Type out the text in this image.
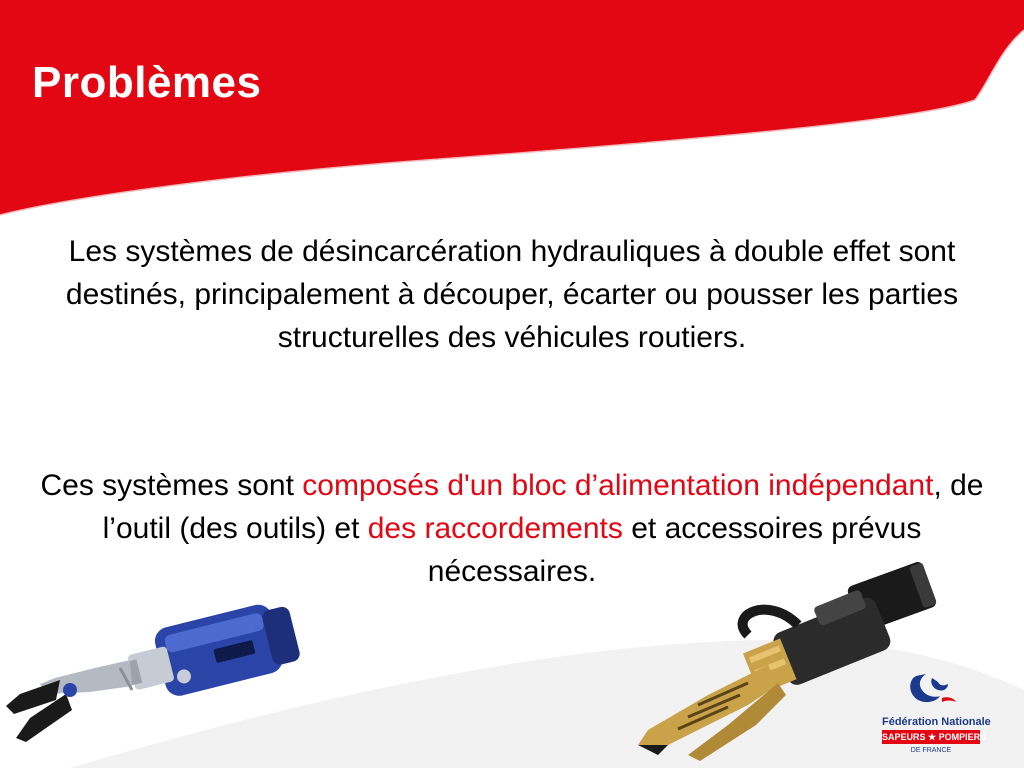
Problèmes

Les systèmes de désincarcération hydrauliques à double effet sont destinés, principalement à découper, écarter ou pousser les parties structurelles des véhicules routiers.

Ces systèmes sont composés d'un bloc d’alimentation indépendant, de l’outil (des outils) et des raccordements et accessoires prévus nécessaires.

Fédération Nationale
SAPEURS ★ POMPIERS
DE FRANCE
